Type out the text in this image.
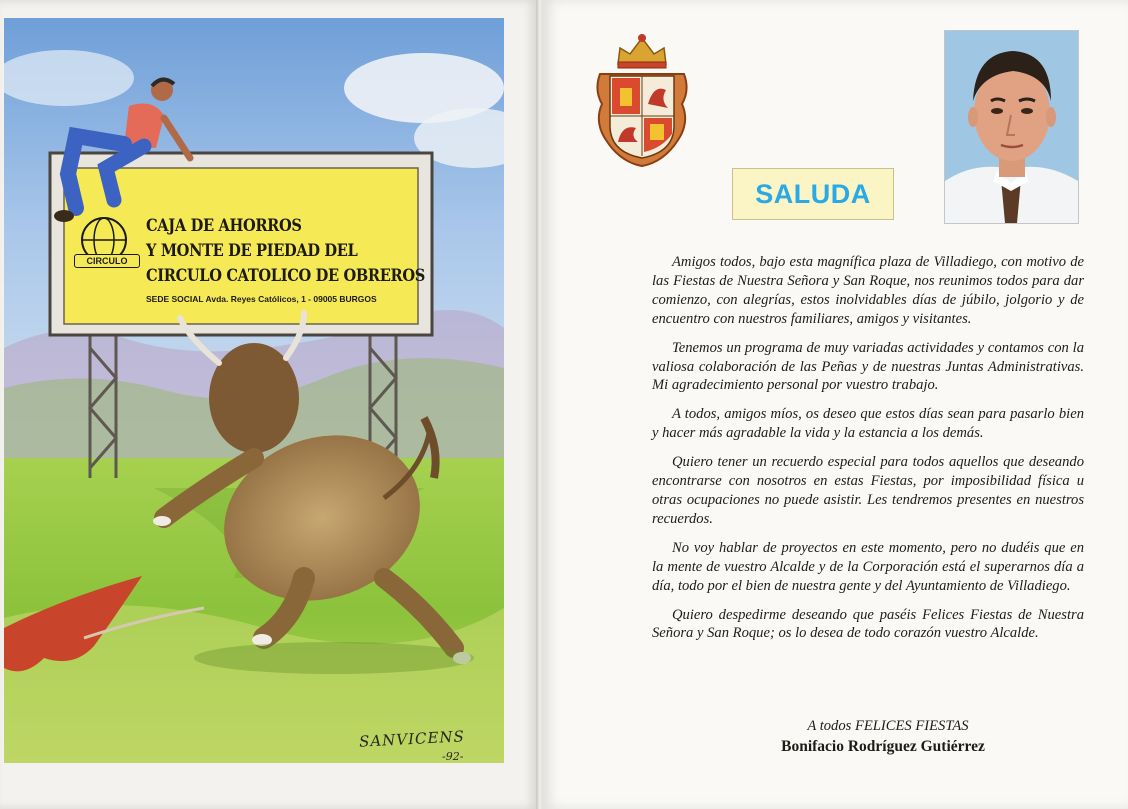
CAJA DE AHORROS
Y MONTE DE PIEDAD DEL
CIRCULO CATOLICO DE OBREROS
SEDE SOCIAL Avda. Reyes Católicos, 1 - 09005 BURGOS
CIRCULO
SANVICENS
-92-
SALUDA

Amigos todos, bajo esta magnífica plaza de Villadiego, con motivo de las Fiestas de Nuestra Señora y San Roque, nos reunimos todos para dar comienzo, con alegrías, estos inolvidables días de júbilo, jolgorio y de encuentro con nuestros familiares, amigos y visitantes.

Tenemos un programa de muy variadas actividades y contamos con la valiosa colaboración de las Peñas y de nuestras Juntas Administrativas. Mi agradecimiento personal por vuestro trabajo.

A todos, amigos míos, os deseo que estos días sean para pasarlo bien y hacer más agradable la vida y la estancia a los demás.

Quiero tener un recuerdo especial para todos aquellos que deseando encontrarse con nosotros en estas Fiestas, por imposibilidad física u otras ocupaciones no puede asistir. Les tendremos presentes en nuestros recuerdos.

No voy hablar de proyectos en este momento, pero no dudéis que en la mente de vuestro Alcalde y de la Corporación está el superarnos día a día, todo por el bien de nuestra gente y del Ayuntamiento de Villadiego.

Quiero despedirme deseando que paséis Felices Fiestas de Nuestra Señora y San Roque; os lo desea de todo corazón vuestro Alcalde.

A todos FELICES FIESTAS
Bonifacio Rodríguez Gutiérrez
